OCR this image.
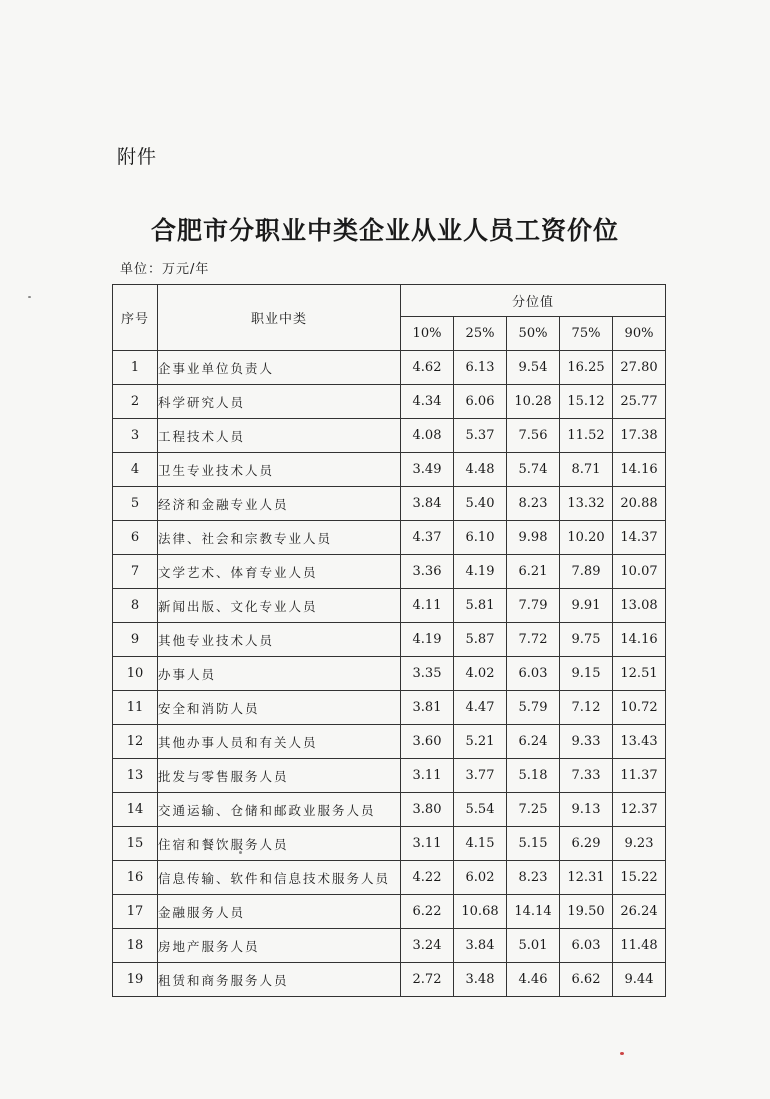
附件
合肥市分职业中类企业从业人员工资价位
单位：万元/年
序号	职业中类	分位值				
		10%	25%	50%	75%	90%
1	企事业单位负责人	4.62	6.13	9.54	16.25	27.80
2	科学研究人员	4.34	6.06	10.28	15.12	25.77
3	工程技术人员	4.08	5.37	7.56	11.52	17.38
4	卫生专业技术人员	3.49	4.48	5.74	8.71	14.16
5	经济和金融专业人员	3.84	5.40	8.23	13.32	20.88
6	法律、社会和宗教专业人员	4.37	6.10	9.98	10.20	14.37
7	文学艺术、体育专业人员	3.36	4.19	6.21	7.89	10.07
8	新闻出版、文化专业人员	4.11	5.81	7.79	9.91	13.08
9	其他专业技术人员	4.19	5.87	7.72	9.75	14.16
10	办事人员	3.35	4.02	6.03	9.15	12.51
11	安全和消防人员	3.81	4.47	5.79	7.12	10.72
12	其他办事人员和有关人员	3.60	5.21	6.24	9.33	13.43
13	批发与零售服务人员	3.11	3.77	5.18	7.33	11.37
14	交通运输、仓储和邮政业服务人员	3.80	5.54	7.25	9.13	12.37
15	住宿和餐饮服务人员	3.11	4.15	5.15	6.29	9.23
16	信息传输、软件和信息技术服务人员	4.22	6.02	8.23	12.31	15.22
17	金融服务人员	6.22	10.68	14.14	19.50	26.24
18	房地产服务人员	3.24	3.84	5.01	6.03	11.48
19	租赁和商务服务人员	2.72	3.48	4.46	6.62	9.44
